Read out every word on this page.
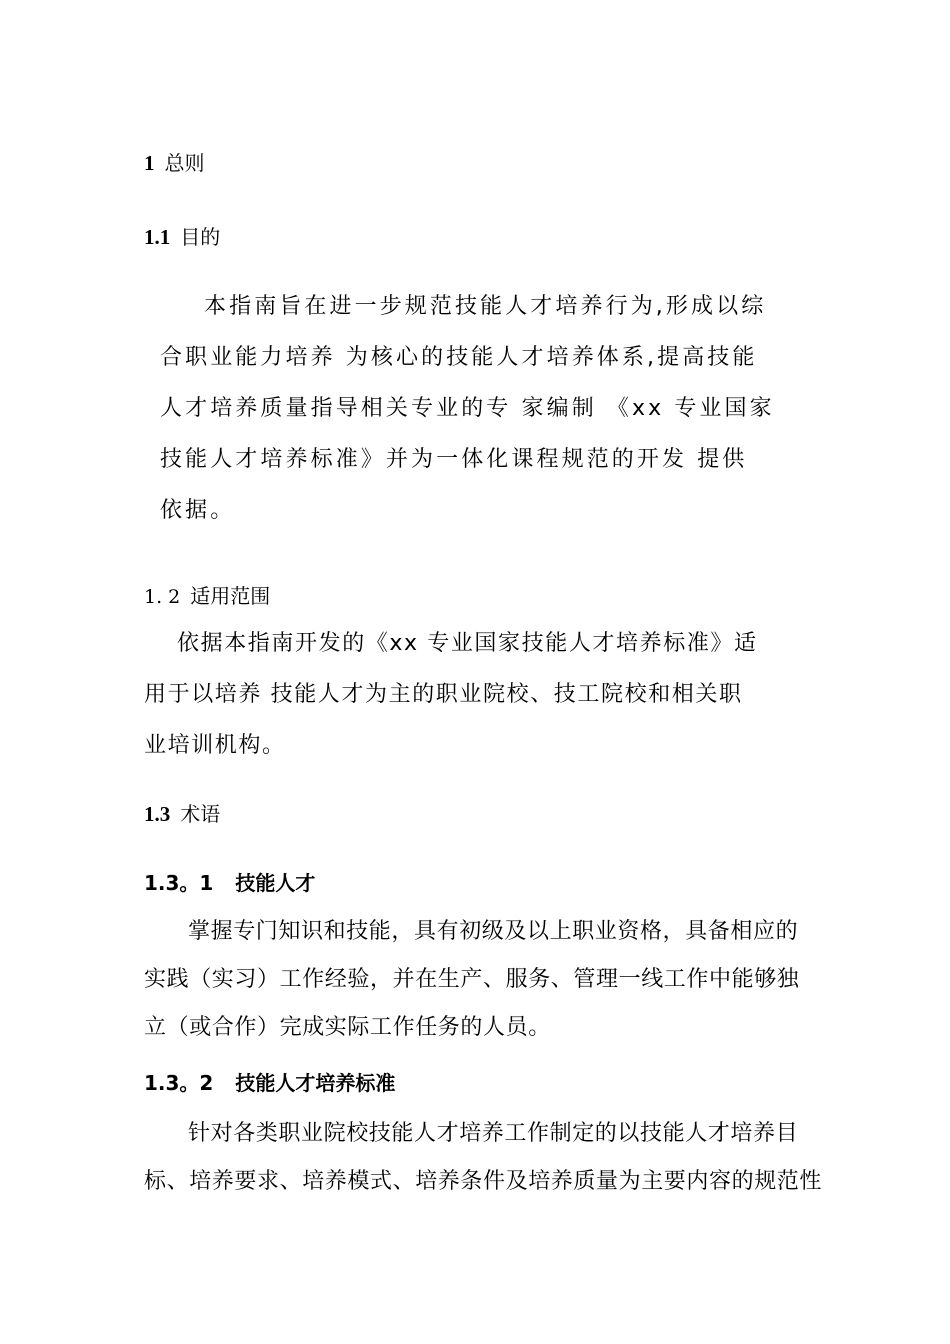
1 总则
1.1 目的
本指南旨在进一步规范技能人才培养行为,形成以综
合职业能力培养 为核心的技能人才培养体系,提高技能
人才培养质量指导相关专业的专 家编制 《xx 专业国家
技能人才培养标准》并为一体化课程规范的开发 提供
依据。
1. 2 适用范围
依据本指南开发的《xx 专业国家技能人才培养标准》适
用于以培养 技能人才为主的职业院校、技工院校和相关职
业培训机构。
1.3 术语
1.3。1 技能人才
掌握专门知识和技能，具有初级及以上职业资格，具备相应的
实践（实习）工作经验，并在生产、服务、管理一线工作中能够独
立（或合作）完成实际工作任务的人员。
1.3。2 技能人才培养标准
针对各类职业院校技能人才培养工作制定的以技能人才培养目
标、培养要求、培养模式、培养条件及培养质量为主要内容的规范性
